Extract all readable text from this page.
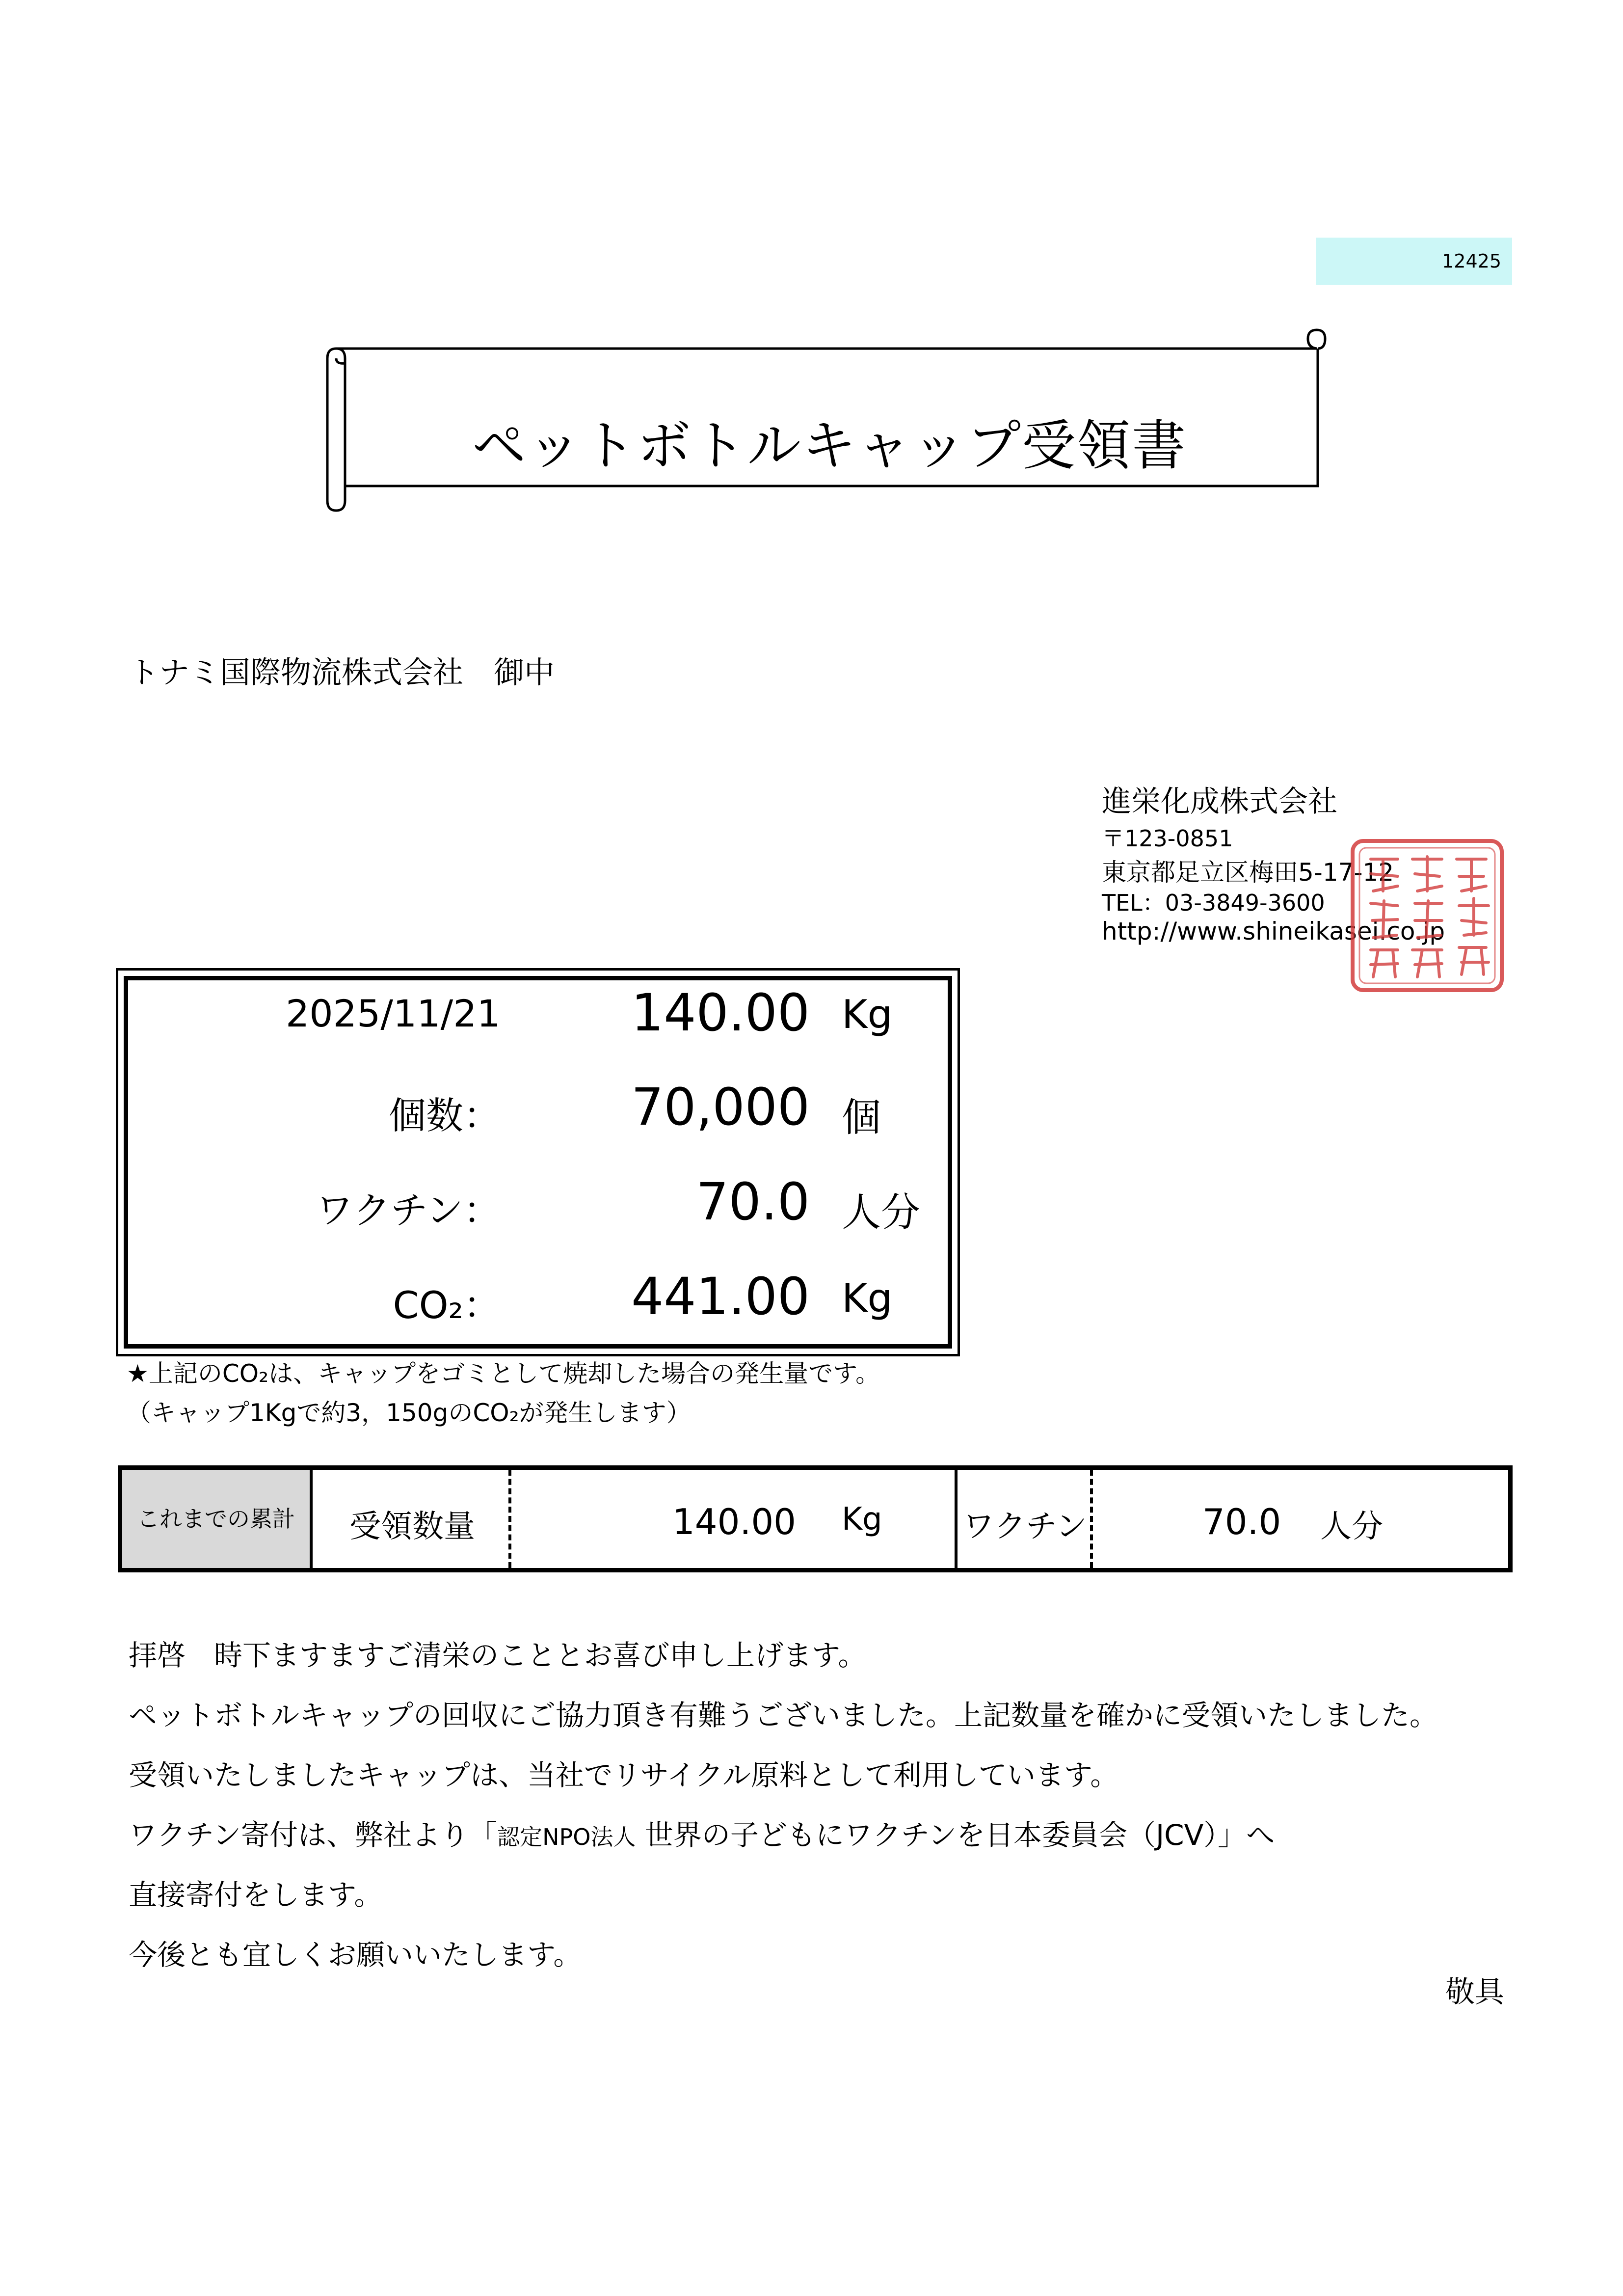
12425
ペットボトルキャップ受領書
トナミ国際物流株式会社　御中
進栄化成株式会社
〒123-0851
東京都足立区梅田5-17-12
TEL：03-3849-3600
http://www.shineikasei.co.jp
2025/11/21	140.00 Kg
個数：	70,000 個
ワクチン：	70.0 人分
CO₂：	441.00 Kg
★上記のCO₂は、キャップをゴミとして焼却した場合の発生量です。
（キャップ1Kgで約3，150gのCO₂が発生します）
これまでの累計	受領数量	140.00 Kg	ワクチン	70.0 人分
拝啓　時下ますますご清栄のこととお喜び申し上げます。
ペットボトルキャップの回収にご協力頂き有難うございました。上記数量を確かに受領いたしました。
受領いたしましたキャップは、当社でリサイクル原料として利用しています。
ワクチン寄付は、弊社より「認定NPO法人 世界の子どもにワクチンを日本委員会（JCV）」へ
直接寄付をします。
今後とも宜しくお願いいたします。
敬具
